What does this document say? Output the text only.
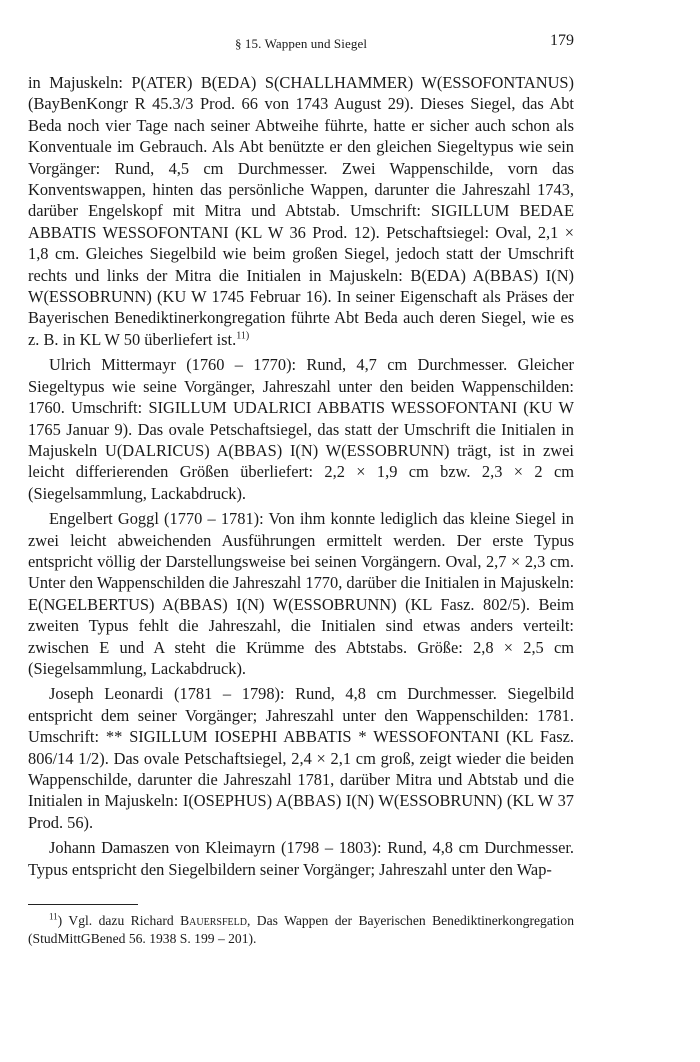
§ 15. Wappen und Siegel	179

in Majuskeln: P(ATER) B(EDA) S(CHALLHAMMER) W(ESSOFONTANUS) (BayBenKongr R 45.3/3 Prod. 66 von 1743 August 29). Dieses Siegel, das Abt Beda noch vier Tage nach seiner Abtweihe führte, hatte er sicher auch schon als Konventuale im Gebrauch. Als Abt benützte er den gleichen Siegeltypus wie sein Vorgänger: Rund, 4,5 cm Durchmesser. Zwei Wappenschilde, vorn das Konventswappen, hinten das persönliche Wappen, darunter die Jahreszahl 1743, darüber Engelskopf mit Mitra und Abtstab. Umschrift: SIGILLUM BEDAE ABBATIS WESSOFONTANI (KL W 36 Prod. 12). Petschaftsiegel: Oval, 2,1 × 1,8 cm. Gleiches Siegelbild wie beim großen Siegel, jedoch statt der Umschrift rechts und links der Mitra die Initialen in Majuskeln: B(EDA) A(BBAS) I(N) W(ESSOBRUNN) (KU W 1745 Februar 16). In seiner Eigenschaft als Präses der Bayerischen Benediktinerkongregation führte Abt Beda auch deren Siegel, wie es z. B. in KL W 50 überliefert ist.$^{11)}$

Ulrich Mittermayr (1760 – 1770): Rund, 4,7 cm Durchmesser. Gleicher Siegeltypus wie seine Vorgänger, Jahreszahl unter den beiden Wappenschilden: 1760. Umschrift: SIGILLUM UDALRICI ABBATIS WESSOFONTANI (KU W 1765 Januar 9). Das ovale Petschaftsiegel, das statt der Umschrift die Initialen in Majuskeln U(DALRICUS) A(BBAS) I(N) W(ESSOBRUNN) trägt, ist in zwei leicht differierenden Größen überliefert: 2,2 × 1,9 cm bzw. 2,3 × 2 cm (Siegelsammlung, Lackabdruck).

Engelbert Goggl (1770 – 1781): Von ihm konnte lediglich das kleine Siegel in zwei leicht abweichenden Ausführungen ermittelt werden. Der erste Typus entspricht völlig der Darstellungsweise bei seinen Vorgängern. Oval, 2,7 × 2,3 cm. Unter den Wappenschilden die Jahreszahl 1770, darüber die Initialen in Majuskeln: E(NGELBERTUS) A(BBAS) I(N) W(ESSOBRUNN) (KL Fasz. 802/5). Beim zweiten Typus fehlt die Jahreszahl, die Initialen sind etwas anders verteilt: zwischen E und A steht die Krümme des Abtstabs. Größe: 2,8 × 2,5 cm (Siegelsammlung, Lackabdruck).

Joseph Leonardi (1781 – 1798): Rund, 4,8 cm Durchmesser. Siegelbild entspricht dem seiner Vorgänger; Jahreszahl unter den Wappenschilden: 1781. Umschrift: ** SIGILLUM IOSEPHI ABBATIS * WESSOFONTANI (KL Fasz. 806/14 1/2). Das ovale Petschaftsiegel, 2,4 × 2,1 cm groß, zeigt wieder die beiden Wappenschilde, darunter die Jahreszahl 1781, darüber Mitra und Abtstab und die Initialen in Majuskeln: I(OSEPHUS) A(BBAS) I(N) W(ESSOBRUNN) (KL W 37 Prod. 56).

Johann Damaszen von Kleimayrn (1798 – 1803): Rund, 4,8 cm Durchmesser. Typus entspricht den Siegelbildern seiner Vorgänger; Jahreszahl unter den Wap-

$^{11}$) Vgl. dazu Richard Bauersfeld, Das Wappen der Bayerischen Benediktinerkongregation (StudMittGBened 56. 1938 S. 199 – 201).
